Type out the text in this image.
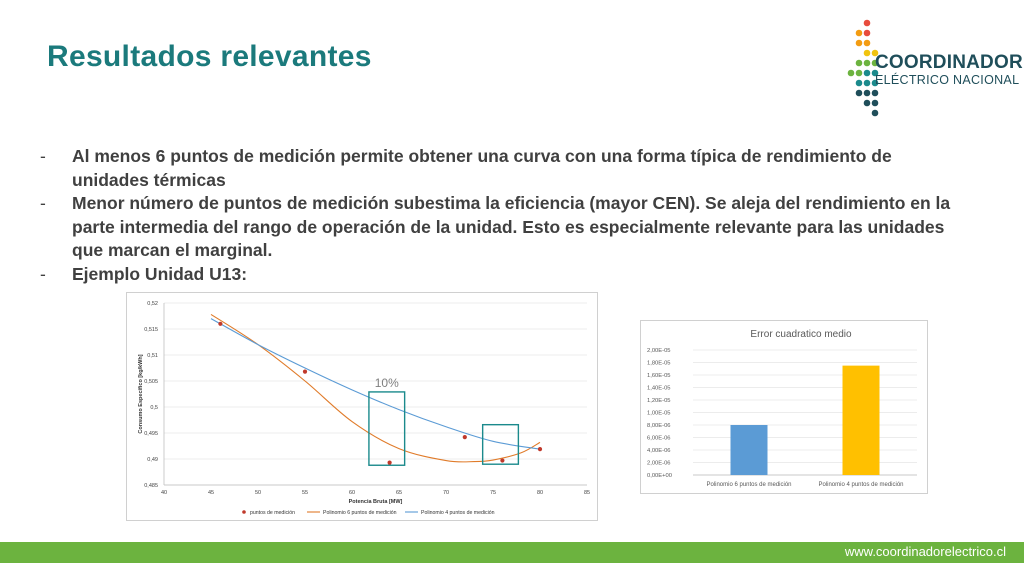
Resultados relevantes	COORDINADOR
ELÉCTRICO NACIONAL
- Al menos 6 puntos de medición permite obtener una curva con una forma típica de rendimiento de unidades térmicas
- Menor número de puntos de medición subestima la eficiencia (mayor CEN). Se aleja del rendimiento en la parte intermedia del rango de operación de la unidad. Esto es especialmente relevante para las unidades que marcan el marginal.
- Ejemplo Unidad U13:
0,485
0,49
0,495
0,5
0,505
0,51
0,515
0,52
40	45	50	55	60	65	70	75	80	85
Potencia Bruta [MW]
Consumo Específico [kg/kWh]	10%
puntos de medición	Polinomio 6 puntos de medición	Polinomio 4 puntos de medición
Error cuadratico medio
0,00E+00
2,00E-06
4,00E-06
6,00E-06
8,00E-06
1,00E-05
1,20E-05
1,40E-05
1,60E-05
1,80E-05
2,00E-05
Polinomio 6 puntos de medición	Polinomio 4 puntos de medición
www.coordinadorelectrico.cl
